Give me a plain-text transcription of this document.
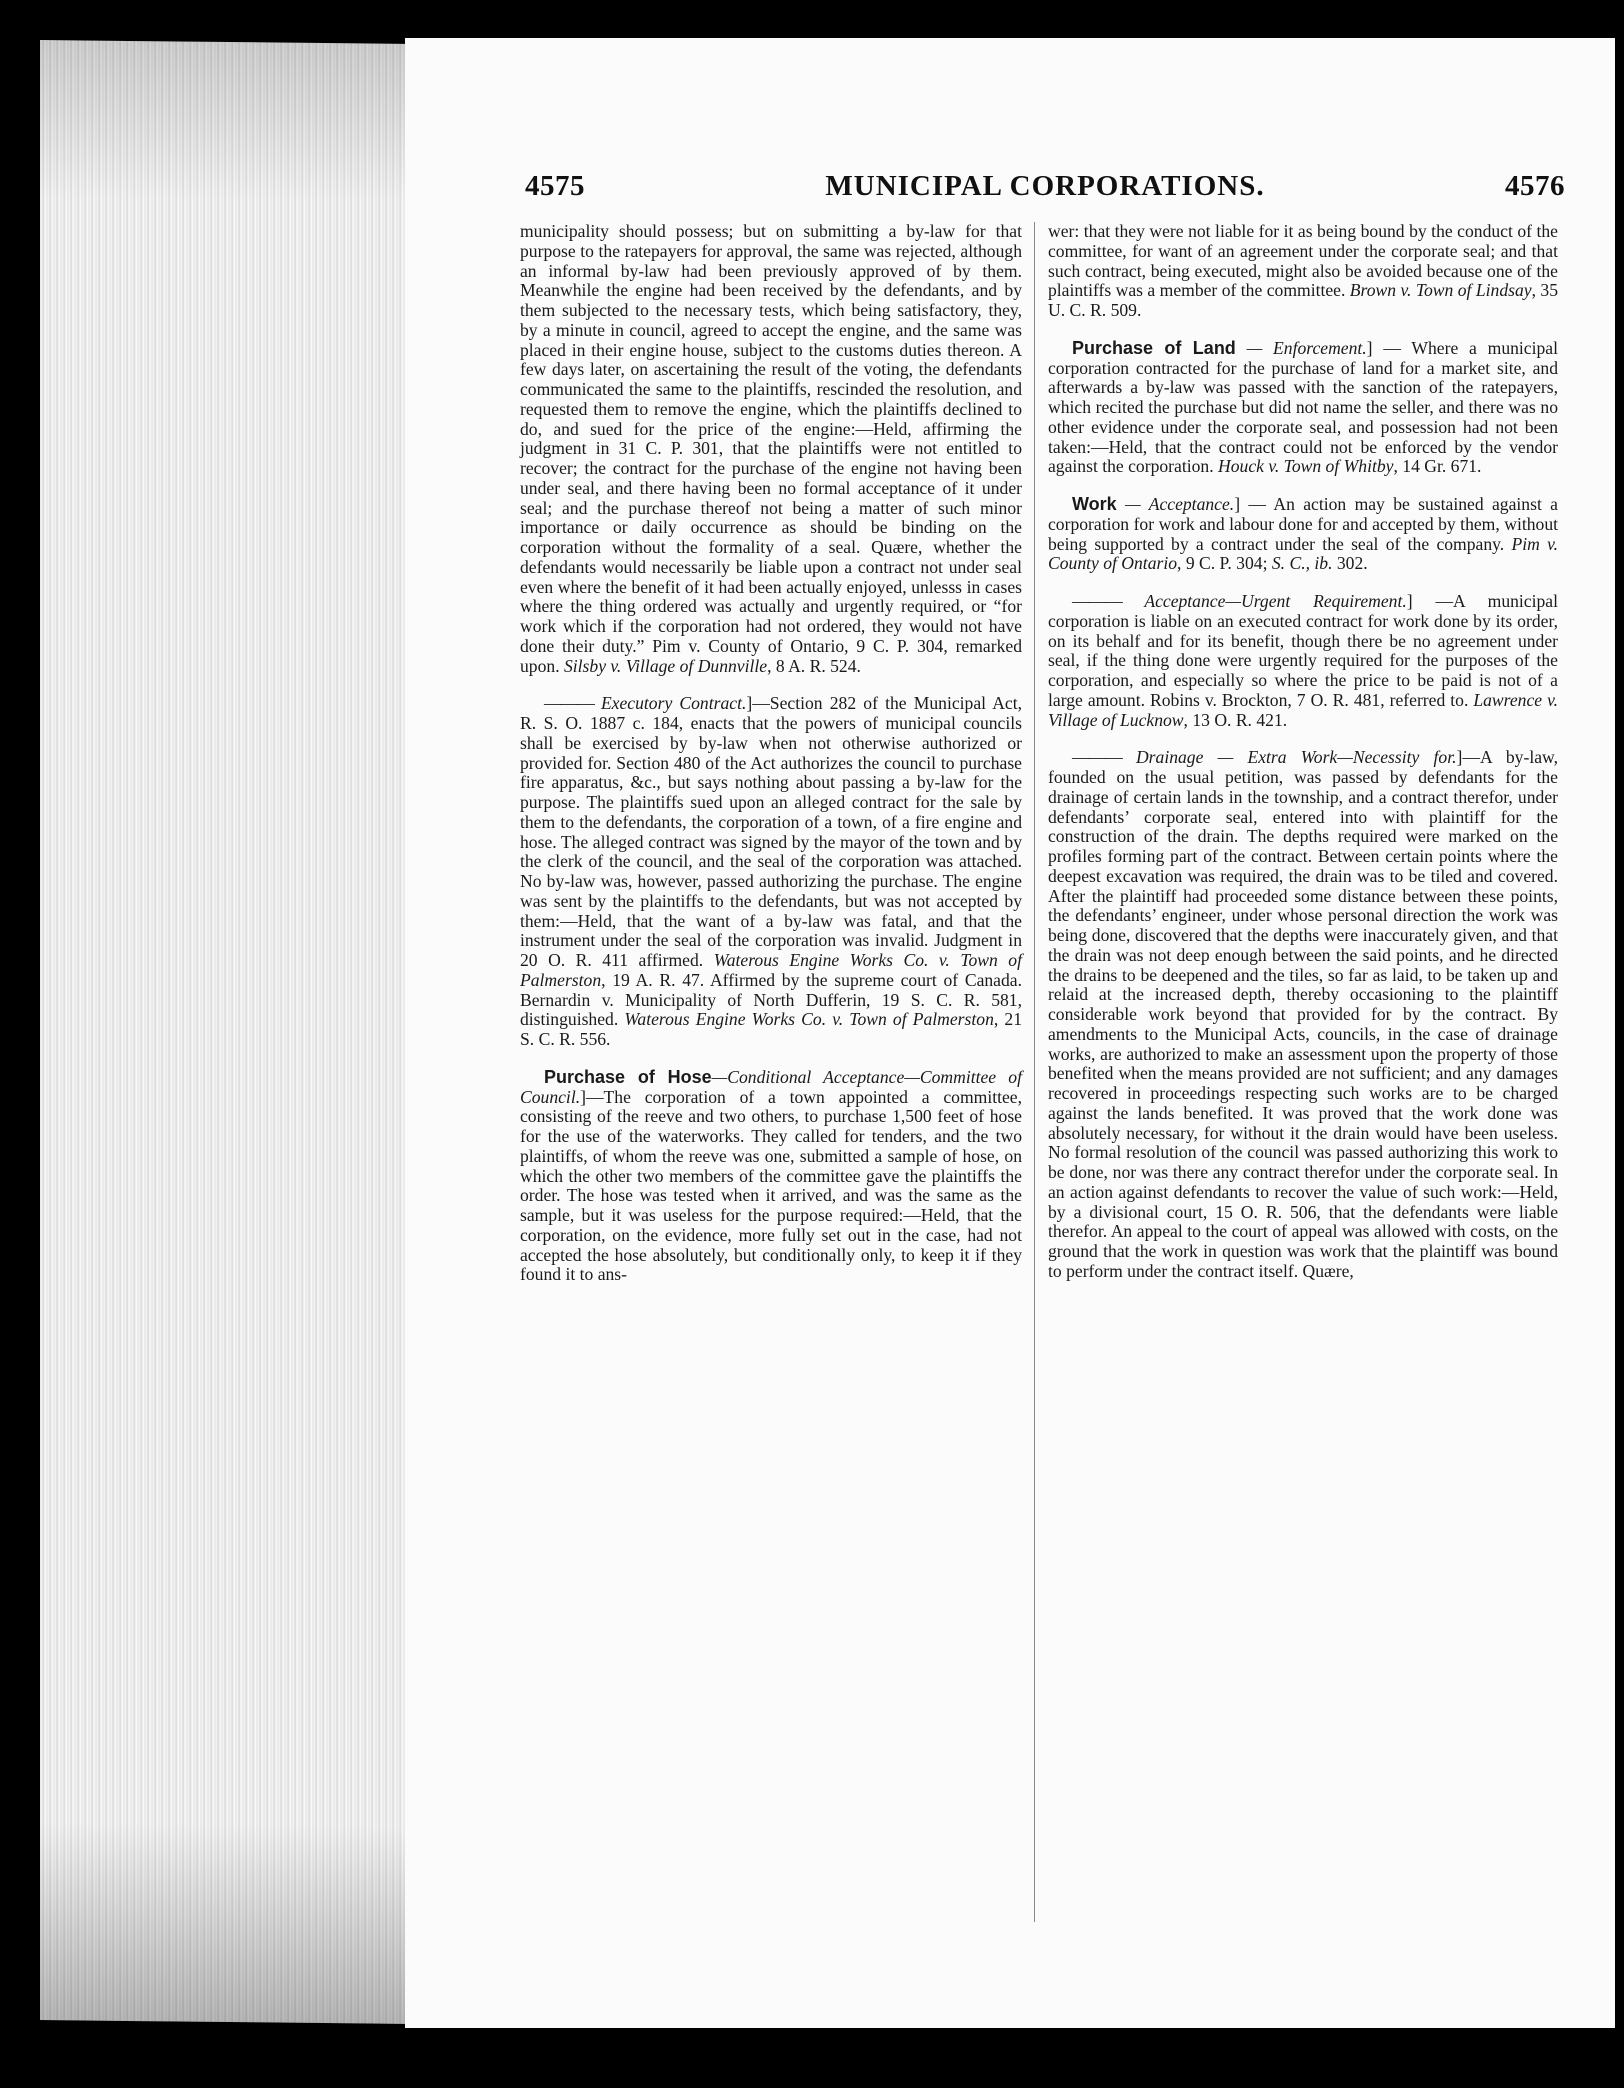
4575	MUNICIPAL CORPORATIONS.	4576

municipality should possess; but on submitting a by-law for that purpose to the ratepayers for approval, the same was rejected, although an informal by-law had been previously approved of by them. Meanwhile the engine had been received by the defendants, and by them subjected to the necessary tests, which being satisfactory, they, by a minute in council, agreed to accept the engine, and the same was placed in their engine house, subject to the customs duties thereon. A few days later, on ascertaining the result of the voting, the defendants communicated the same to the plaintiffs, rescinded the resolution, and requested them to remove the engine, which the plaintiffs declined to do, and sued for the price of the engine:—Held, affirming the judgment in 31 C. P. 301, that the plaintiffs were not entitled to recover; the contract for the purchase of the engine not having been under seal, and there having been no formal acceptance of it under seal; and the purchase thereof not being a matter of such minor importance or daily occurrence as should be binding on the corporation without the formality of a seal. Quære, whether the defendants would necessarily be liable upon a contract not under seal even where the benefit of it had been actually enjoyed, unlesss in cases where the thing ordered was actually and urgently required, or “for work which if the corporation had not ordered, they would not have done their duty.” Pim v. County of Ontario, 9 C. P. 304, remarked upon. Silsby v. Village of Dunnville, 8 A. R. 524.

——— Executory Contract.]—Section 282 of the Municipal Act, R. S. O. 1887 c. 184, enacts that the powers of municipal councils shall be exercised by by-law when not otherwise authorized or provided for. Section 480 of the Act authorizes the council to purchase fire apparatus, &c., but says nothing about passing a by-law for the purpose. The plaintiffs sued upon an alleged contract for the sale by them to the defendants, the corporation of a town, of a fire engine and hose. The alleged contract was signed by the mayor of the town and by the clerk of the council, and the seal of the corporation was attached. No by-law was, however, passed authorizing the purchase. The engine was sent by the plaintiffs to the defendants, but was not accepted by them:—Held, that the want of a by-law was fatal, and that the instrument under the seal of the corporation was invalid. Judgment in 20 O. R. 411 affirmed. Waterous Engine Works Co. v. Town of Palmerston, 19 A. R. 47. Affirmed by the supreme court of Canada. Bernardin v. Municipality of North Dufferin, 19 S. C. R. 581, distinguished. Waterous Engine Works Co. v. Town of Palmerston, 21 S. C. R. 556.

Purchase of Hose—Conditional Acceptance—Committee of Council.]—The corporation of a town appointed a committee, consisting of the reeve and two others, to purchase 1,500 feet of hose for the use of the waterworks. They called for tenders, and the two plaintiffs, of whom the reeve was one, submitted a sample of hose, on which the other two members of the committee gave the plaintiffs the order. The hose was tested when it arrived, and was the same as the sample, but it was useless for the purpose required:—Held, that the corporation, on the evidence, more fully set out in the case, had not accepted the hose absolutely, but conditionally only, to keep it if they found it to ans-

wer: that they were not liable for it as being bound by the conduct of the committee, for want of an agreement under the corporate seal; and that such contract, being executed, might also be avoided because one of the plaintiffs was a member of the committee. Brown v. Town of Lindsay, 35 U. C. R. 509.

Purchase of Land — Enforcement.] — Where a municipal corporation contracted for the purchase of land for a market site, and afterwards a by-law was passed with the sanction of the ratepayers, which recited the purchase but did not name the seller, and there was no other evidence under the corporate seal, and possession had not been taken:—Held, that the contract could not be enforced by the vendor against the corporation. Houck v. Town of Whitby, 14 Gr. 671.

Work — Acceptance.] — An action may be sustained against a corporation for work and labour done for and accepted by them, without being supported by a contract under the seal of the company. Pim v. County of Ontario, 9 C. P. 304; S. C., ib. 302.

——— Acceptance—Urgent Requirement.] —A municipal corporation is liable on an executed contract for work done by its order, on its behalf and for its benefit, though there be no agreement under seal, if the thing done were urgently required for the purposes of the corporation, and especially so where the price to be paid is not of a large amount. Robins v. Brockton, 7 O. R. 481, referred to. Lawrence v. Village of Lucknow, 13 O. R. 421.

——— Drainage — Extra Work—Necessity for.]—A by-law, founded on the usual petition, was passed by defendants for the drainage of certain lands in the township, and a contract therefor, under defendants’ corporate seal, entered into with plaintiff for the construction of the drain. The depths required were marked on the profiles forming part of the contract. Between certain points where the deepest excavation was required, the drain was to be tiled and covered. After the plaintiff had proceeded some distance between these points, the defendants’ engineer, under whose personal direction the work was being done, discovered that the depths were inaccurately given, and that the drain was not deep enough between the said points, and he directed the drains to be deepened and the tiles, so far as laid, to be taken up and relaid at the increased depth, thereby occasioning to the plaintiff considerable work beyond that provided for by the contract. By amendments to the Municipal Acts, councils, in the case of drainage works, are authorized to make an assessment upon the property of those benefited when the means provided are not sufficient; and any damages recovered in proceedings respecting such works are to be charged against the lands benefited. It was proved that the work done was absolutely necessary, for without it the drain would have been useless. No formal resolution of the council was passed authorizing this work to be done, nor was there any contract therefor under the corporate seal. In an action against defendants to recover the value of such work:—Held, by a divisional court, 15 O. R. 506, that the defendants were liable therefor. An appeal to the court of appeal was allowed with costs, on the ground that the work in question was work that the plaintiff was bound to perform under the contract itself. Quære,
